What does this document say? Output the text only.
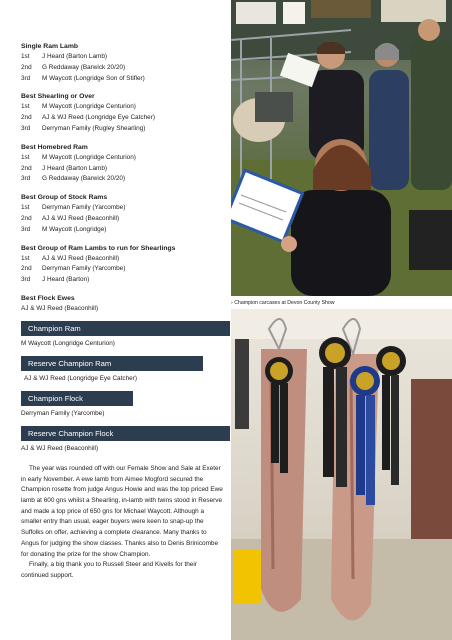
Single Ram Lamb
1st	J Heard (Barton Lamb)
2nd	G Reddaway (Barwick 20/20)
3rd	M Waycott (Longridge Son of Stifler)
Best Shearling or Over
1st	M Waycott (Longridge Centurion)
2nd	AJ & WJ Reed (Longridge Eye Catcher)
3rd	Derryman Family (Rugley Shearling)
Best Homebred Ram
1st	M Waycott (Longridge Centurion)
2nd	J Heard (Barton Lamb)
3rd	G Reddaway (Barwick 20/20)
Best Group of Stock Rams
1st	Derryman Family (Yarcombe)
2nd	AJ & WJ Reed (Beaconhill)
3rd	M Waycott (Longridge)
Best Group of Ram Lambs to run for Shearlings
1st	AJ & WJ Reed (Beaconhill)
2nd	Derryman Family (Yarcombe)
3rd	J Heard (Barton)
Best Flock Ewes
AJ & WJ Reed (Beaconhill)
Champion Ram
M Waycott (Longridge Centurion)
Reserve Champion Ram
AJ & WJ Reed (Longridge Eye Catcher)
Champion Flock
Derryman Family (Yarcombe)
Reserve Champion Flock
AJ & WJ Reed (Beaconhill)

The year was rounded off with our Female Show and Sale at Exeter in early November. A ewe lamb from Aimee Mogford secured the Champion rosette from judge Angus Howie and was the top priced Ewe lamb at 600 gns whilst a Shearling, in-lamb with twins stood in Reserve and made a top price of 650 gns for Michael Waycott. Although a smaller entry than usual, eager buyers were keen to snap-up the Suffolks on offer, achieving a complete clearance. Many thanks to Angus for judging the show classes. Thanks also to Denis Brinicombe for donating the prize for the show Champion.

Finally, a big thank you to Russell Steer and Kivells for their continued support.

› Champion carcases at Devon County Show
